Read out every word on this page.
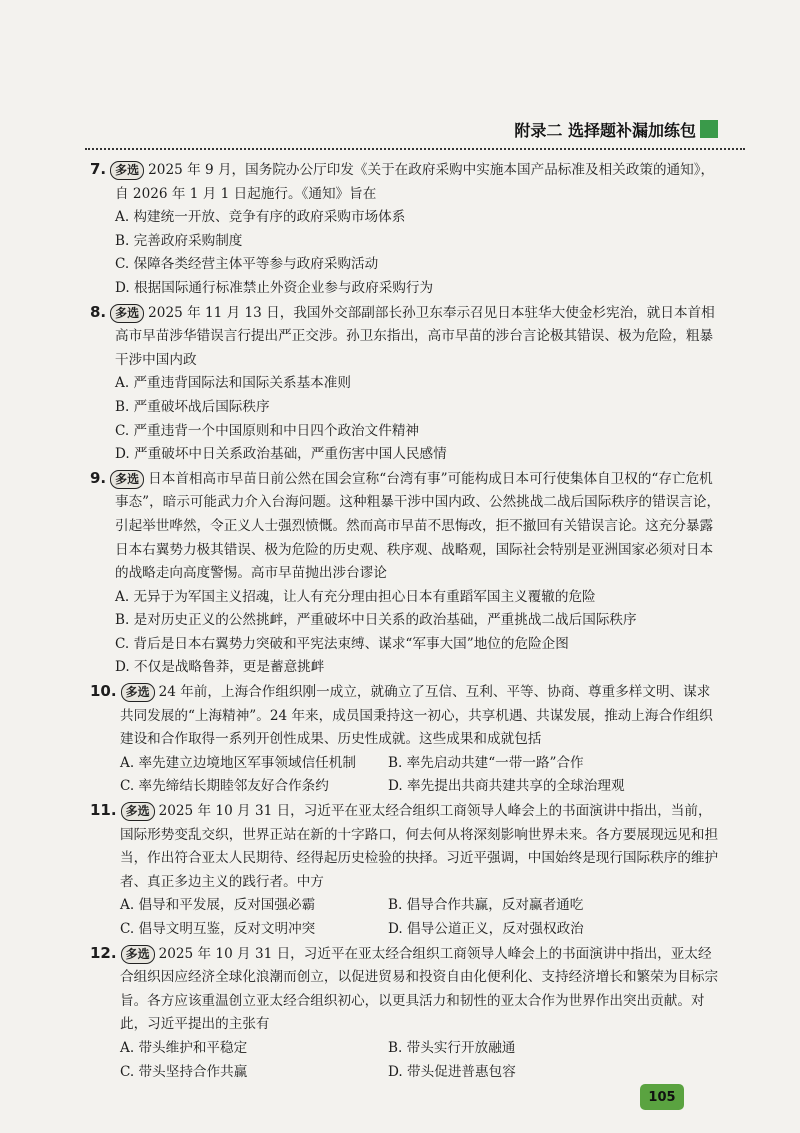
附录二 选择题补漏加练包
7. 多选 2025 年 9 月，国务院办公厅印发《关于在政府采购中实施本国产品标准及相关政策的通知》，自 2026 年 1 月 1 日起施行。《通知》旨在
A. 构建统一开放、竞争有序的政府采购市场体系
B. 完善政府采购制度
C. 保障各类经营主体平等参与政府采购活动
D. 根据国际通行标准禁止外资企业参与政府采购行为
8. 多选 2025 年 11 月 13 日，我国外交部副部长孙卫东奉示召见日本驻华大使金杉宪治，就日本首相高市早苗涉华错误言行提出严正交涉。孙卫东指出，高市早苗的涉台言论极其错误、极为危险，粗暴干涉中国内政
A. 严重违背国际法和国际关系基本准则
B. 严重破坏战后国际秩序
C. 严重违背一个中国原则和中日四个政治文件精神
D. 严重破坏中日关系政治基础，严重伤害中国人民感情
9. 多选 日本首相高市早苗日前公然在国会宣称“台湾有事”可能构成日本可行使集体自卫权的“存亡危机事态”，暗示可能武力介入台海问题。这种粗暴干涉中国内政、公然挑战二战后国际秩序的错误言论，引起举世哗然，令正义人士强烈愤慨。然而高市早苗不思悔改，拒不撤回有关错误言论。这充分暴露日本右翼势力极其错误、极为危险的历史观、秩序观、战略观，国际社会特别是亚洲国家必须对日本的战略走向高度警惕。高市早苗抛出涉台谬论
A. 无异于为军国主义招魂，让人有充分理由担心日本有重蹈军国主义覆辙的危险
B. 是对历史正义的公然挑衅，严重破坏中日关系的政治基础，严重挑战二战后国际秩序
C. 背后是日本右翼势力突破和平宪法束缚、谋求“军事大国”地位的危险企图
D. 不仅是战略鲁莽，更是蓄意挑衅
10. 多选 24 年前，上海合作组织刚一成立，就确立了互信、互利、平等、协商、尊重多样文明、谋求共同发展的“上海精神”。24 年来，成员国秉持这一初心，共享机遇、共谋发展，推动上海合作组织建设和合作取得一系列开创性成果、历史性成就。这些成果和成就包括
A. 率先建立边境地区军事领域信任机制	B. 率先启动共建“一带一路”合作
C. 率先缔结长期睦邻友好合作条约	D. 率先提出共商共建共享的全球治理观
11. 多选 2025 年 10 月 31 日，习近平在亚太经合组织工商领导人峰会上的书面演讲中指出，当前，国际形势变乱交织，世界正站在新的十字路口，何去何从将深刻影响世界未来。各方要展现远见和担当，作出符合亚太人民期待、经得起历史检验的抉择。习近平强调，中国始终是现行国际秩序的维护者、真正多边主义的践行者。中方
A. 倡导和平发展，反对国强必霸	B. 倡导合作共赢，反对赢者通吃
C. 倡导文明互鉴，反对文明冲突	D. 倡导公道正义，反对强权政治
12. 多选 2025 年 10 月 31 日，习近平在亚太经合组织工商领导人峰会上的书面演讲中指出，亚太经合组织因应经济全球化浪潮而创立，以促进贸易和投资自由化便利化、支持经济增长和繁荣为目标宗旨。各方应该重温创立亚太经合组织初心，以更具活力和韧性的亚太合作为世界作出突出贡献。对此，习近平提出的主张有
A. 带头维护和平稳定	B. 带头实行开放融通
C. 带头坚持合作共赢	D. 带头促进普惠包容
105
